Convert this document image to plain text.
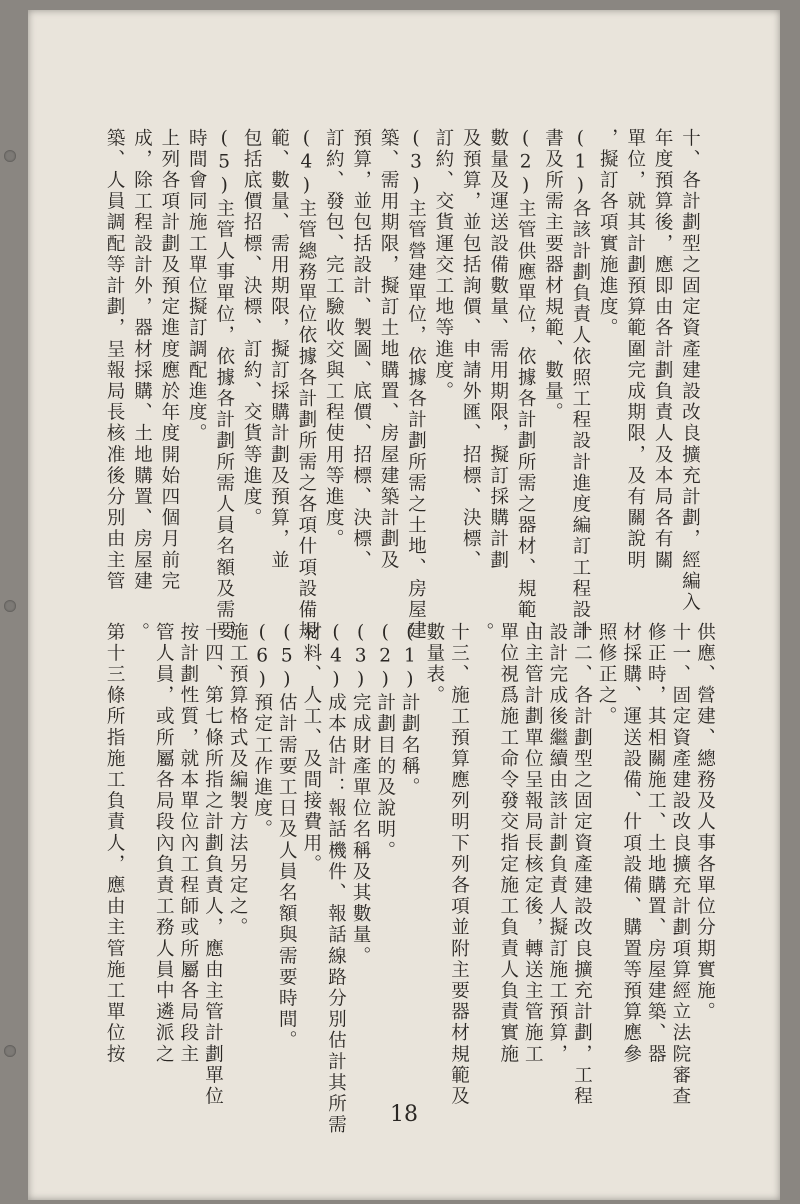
十、各計劃型之固定資產建設改良擴充計劃，經編入
年度預算後，應即由各計劃負責人及本局各有關
單位，就其計劃預算範圍完成期限，及有關說明
，擬訂各項實施進度。
(1)各該計劃負責人依照工程設計進度編訂工程設計
書及所需主要器材規範、數量。
(2)主管供應單位，依據各計劃所需之器材、規範、
數量及運送設備數量、需用期限，擬訂採購計劃
及預算，並包括詢價、申請外匯、招標、決標、
訂約、交貨運交工地等進度。
(3)主管營建單位，依據各計劃所需之土地、房屋建
築、需用期限，擬訂土地購置、房屋建築計劃及
預算，並包括設計、製圖、底價、招標、決標、
訂約、發包、完工驗收交與工程使用等進度。
(4)主管總務單位依據各計劃所需之各項什項設備規
範、數量、需用期限，擬訂採購計劃及預算，並
包括底價招標、決標、訂約、交貨等進度。
(5)主管人事單位，依據各計劃所需人員名額及需要
時間會同施工單位擬訂調配進度。
上列各項計劃及預定進度應於年度開始四個月前完
成，除工程設計外，器材採購、土地購置、房屋建
築、人員調配等計劃，呈報局長核准後分別由主管
供應、營建、總務及人事各單位分期實施。
十一、固定資產建設改良擴充計劃項算經立法院審查
修正時，其相關施工、土地購置、房屋建築、器
材採購、運送設備、什項設備、購置等預算應參
照修正之。
十二、各計劃型之固定資產建設改良擴充計劃，工程
設計完成後繼續由該計劃負責人擬訂施工預算，
由主管計劃單位呈報局長核定後，轉送主管施工
單位視爲施工命令發交指定施工負責人負責實施
。
十三、施工預算應列明下列各項並附主要器材規範及
數量表。
(1)計劃名稱。
(2)計劃目的及說明。
(3)完成財產單位名稱及其數量。
(4)成本估計：報話機件、報話線路分別估計其所需
材料、人工、及間接費用。
(5)估計需要工日及人員名額與需要時間。
(6)預定工作進度。
施工預算格式及編製方法另定之。
十四、第七條所指之計劃負責人，應由主管計劃單位
按計劃性質，就本單位內工程師或所屬各局段主
管人員，或所屬各局段內負責工務人員中遴派之
。
第十三條所指施工負責人，應由主管施工單位按
18
